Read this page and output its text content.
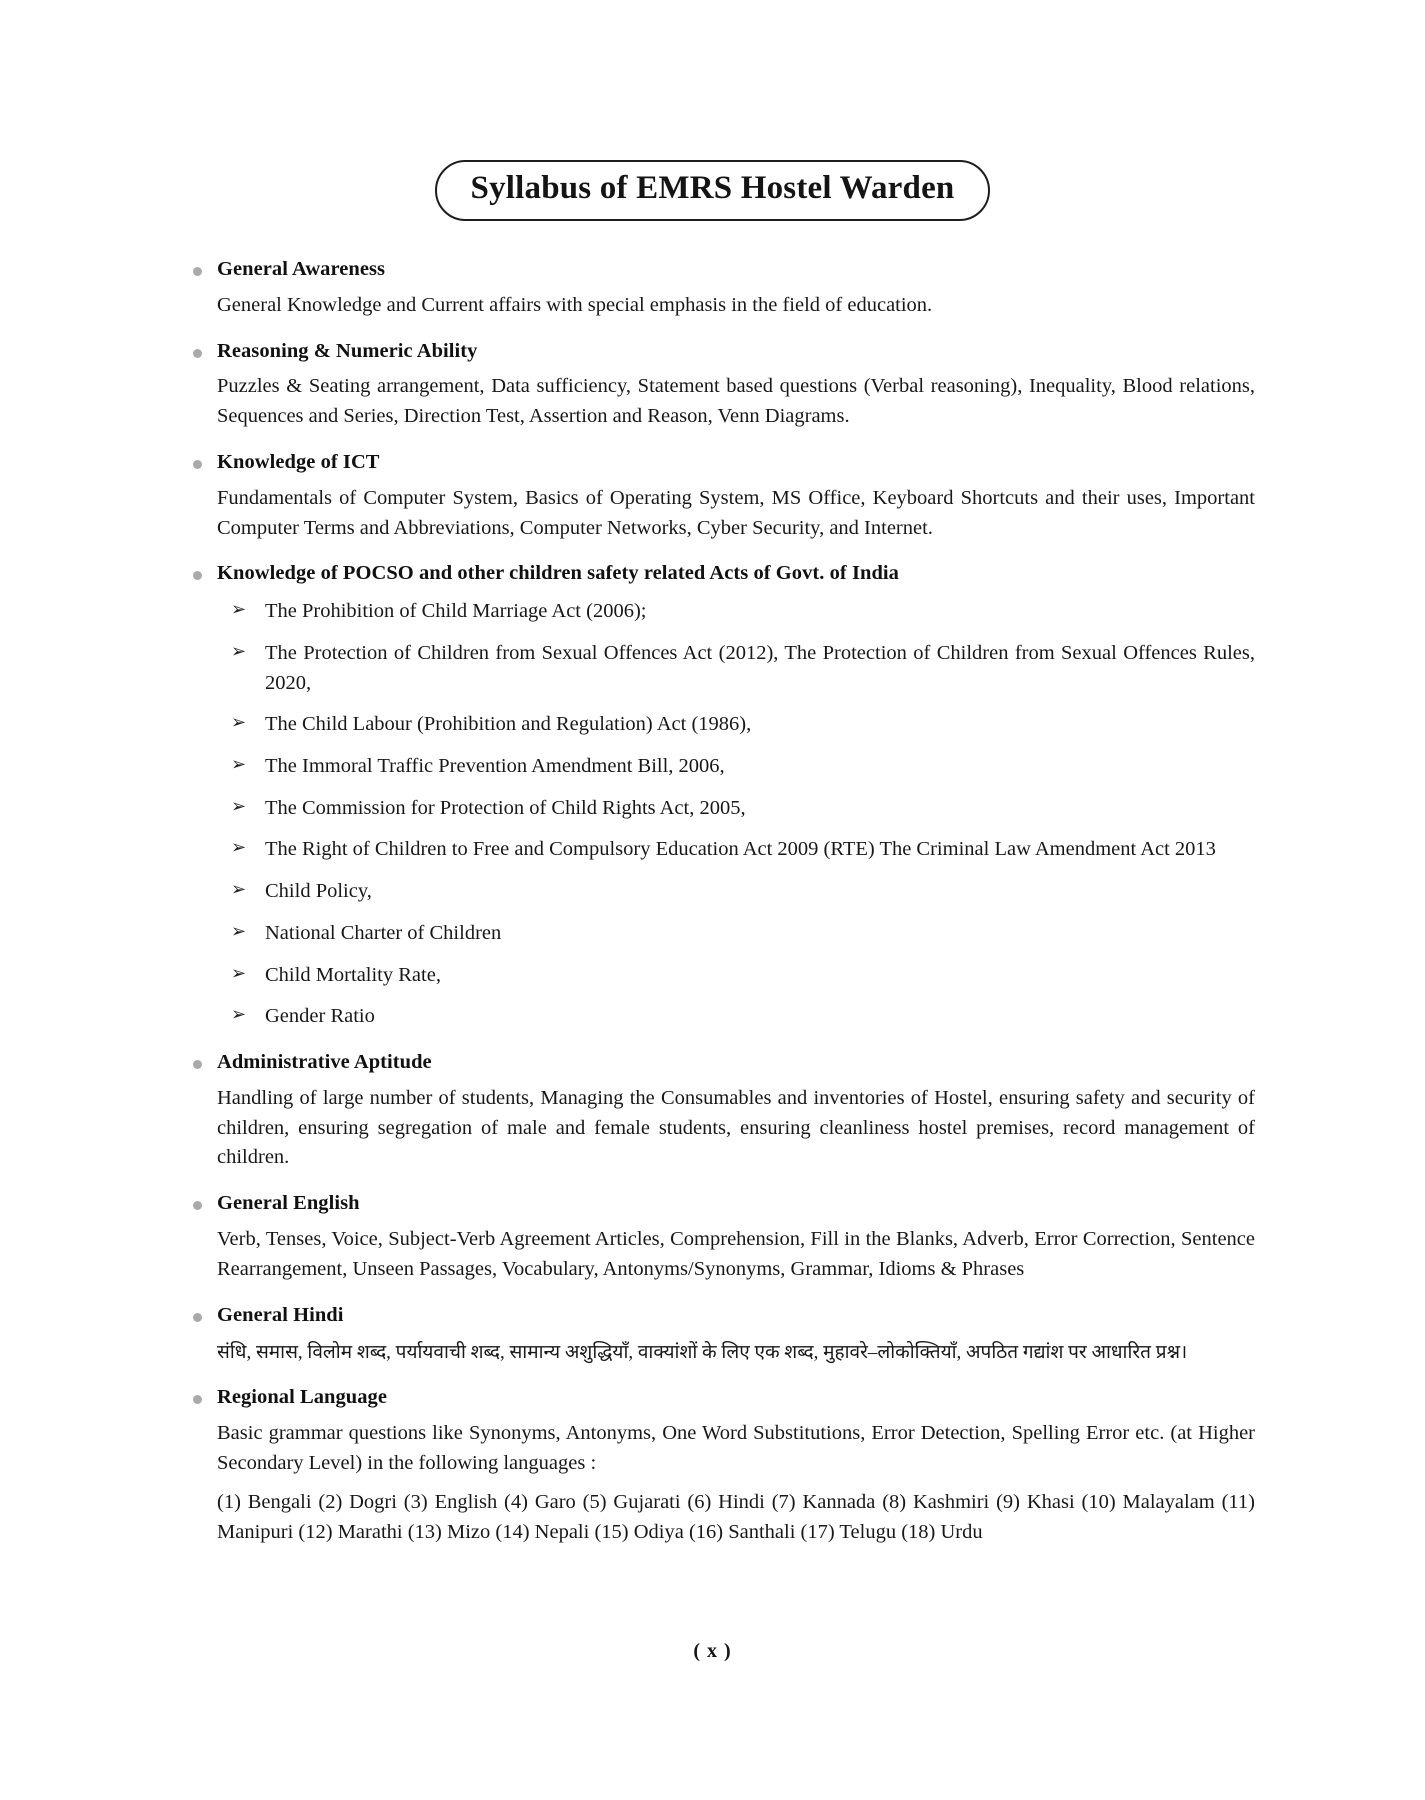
Syllabus of EMRS Hostel Warden
General Awareness

General Knowledge and Current affairs with special emphasis in the field of education.

Reasoning & Numeric Ability

Puzzles & Seating arrangement, Data sufficiency, Statement based questions (Verbal reasoning), Inequality, Blood relations, Sequences and Series, Direction Test, Assertion and Reason, Venn Diagrams.

Knowledge of ICT

Fundamentals of Computer System, Basics of Operating System, MS Office, Keyboard Shortcuts and their uses, Important Computer Terms and Abbreviations, Computer Networks, Cyber Security, and Internet.

Knowledge of POCSO and other children safety related Acts of Govt. of India
➢ The Prohibition of Child Marriage Act (2006);
➢ The Protection of Children from Sexual Offences Act (2012), The Protection of Children from Sexual Offences Rules, 2020,
➢ The Child Labour (Prohibition and Regulation) Act (1986),
➢ The Immoral Traffic Prevention Amendment Bill, 2006,
➢ The Commission for Protection of Child Rights Act, 2005,
➢ The Right of Children to Free and Compulsory Education Act 2009 (RTE) The Criminal Law Amendment Act 2013
➢ Child Policy,
➢ National Charter of Children
➢ Child Mortality Rate,
➢ Gender Ratio
Administrative Aptitude

Handling of large number of students, Managing the Consumables and inventories of Hostel, ensuring safety and security of children, ensuring segregation of male and female students, ensuring cleanliness hostel premises, record management of children.

General English

Verb, Tenses, Voice, Subject-Verb Agreement Articles, Comprehension, Fill in the Blanks, Adverb, Error Correction, Sentence Rearrangement, Unseen Passages, Vocabulary, Antonyms/Synonyms, Grammar, Idioms & Phrases

General Hindi

संधि, समास, विलोम शब्द, पर्यायवाची शब्द, सामान्य अशुद्धियाँ, वाक्यांशों के लिए एक शब्द, मुहावरे–लोकोक्तियाँ, अपठित गद्यांश पर आधारित प्रश्न।

Regional Language

Basic grammar questions like Synonyms, Antonyms, One Word Substitutions, Error Detection, Spelling Error etc. (at Higher Secondary Level) in the following languages :

(1) Bengali (2) Dogri (3) English (4) Garo (5) Gujarati (6) Hindi (7) Kannada (8) Kashmiri (9) Khasi (10) Malayalam (11) Manipuri (12) Marathi (13) Mizo (14) Nepali (15) Odiya (16) Santhali (17) Telugu (18) Urdu

( x )
